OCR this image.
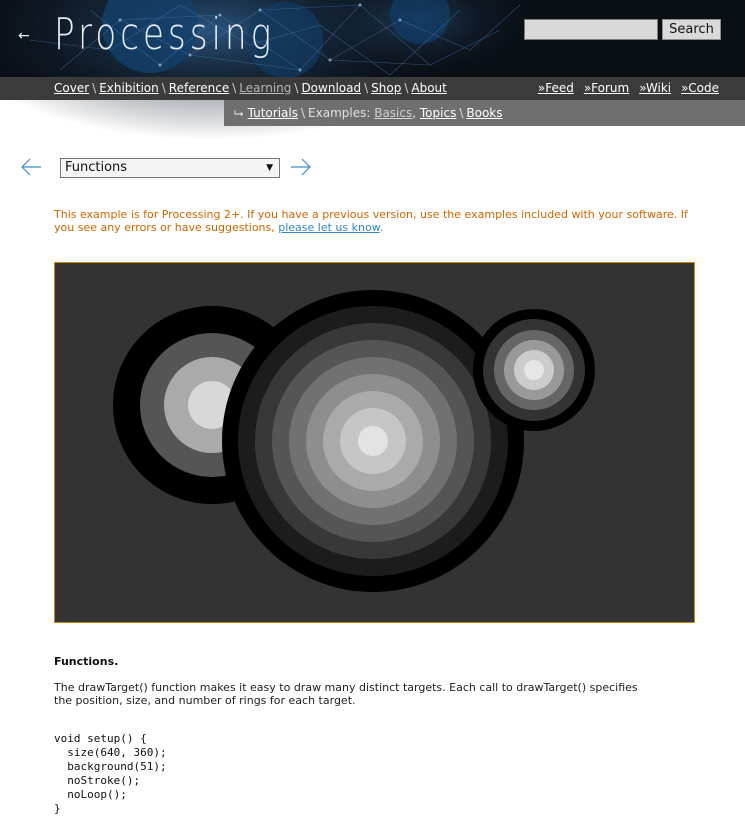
← Processing	Search
Cover \ Exhibition \ Reference \ Learning \ Download \ Shop \ About	»Feed »Forum »Wiki »Code
⮡ Tutorials \ Examples: Basics, Topics \ Books
Functions	▼
This example is for Processing 2+. If you have a previous version, use the examples included with your software. If you see any errors or have suggestions, please let us know.
Functions.
The drawTarget() function makes it easy to draw many distinct targets. Each call to drawTarget() specifies the position, size, and number of rings for each target.
void setup() {
size(640, 360);
background(51);
noStroke();
noLoop();
}
